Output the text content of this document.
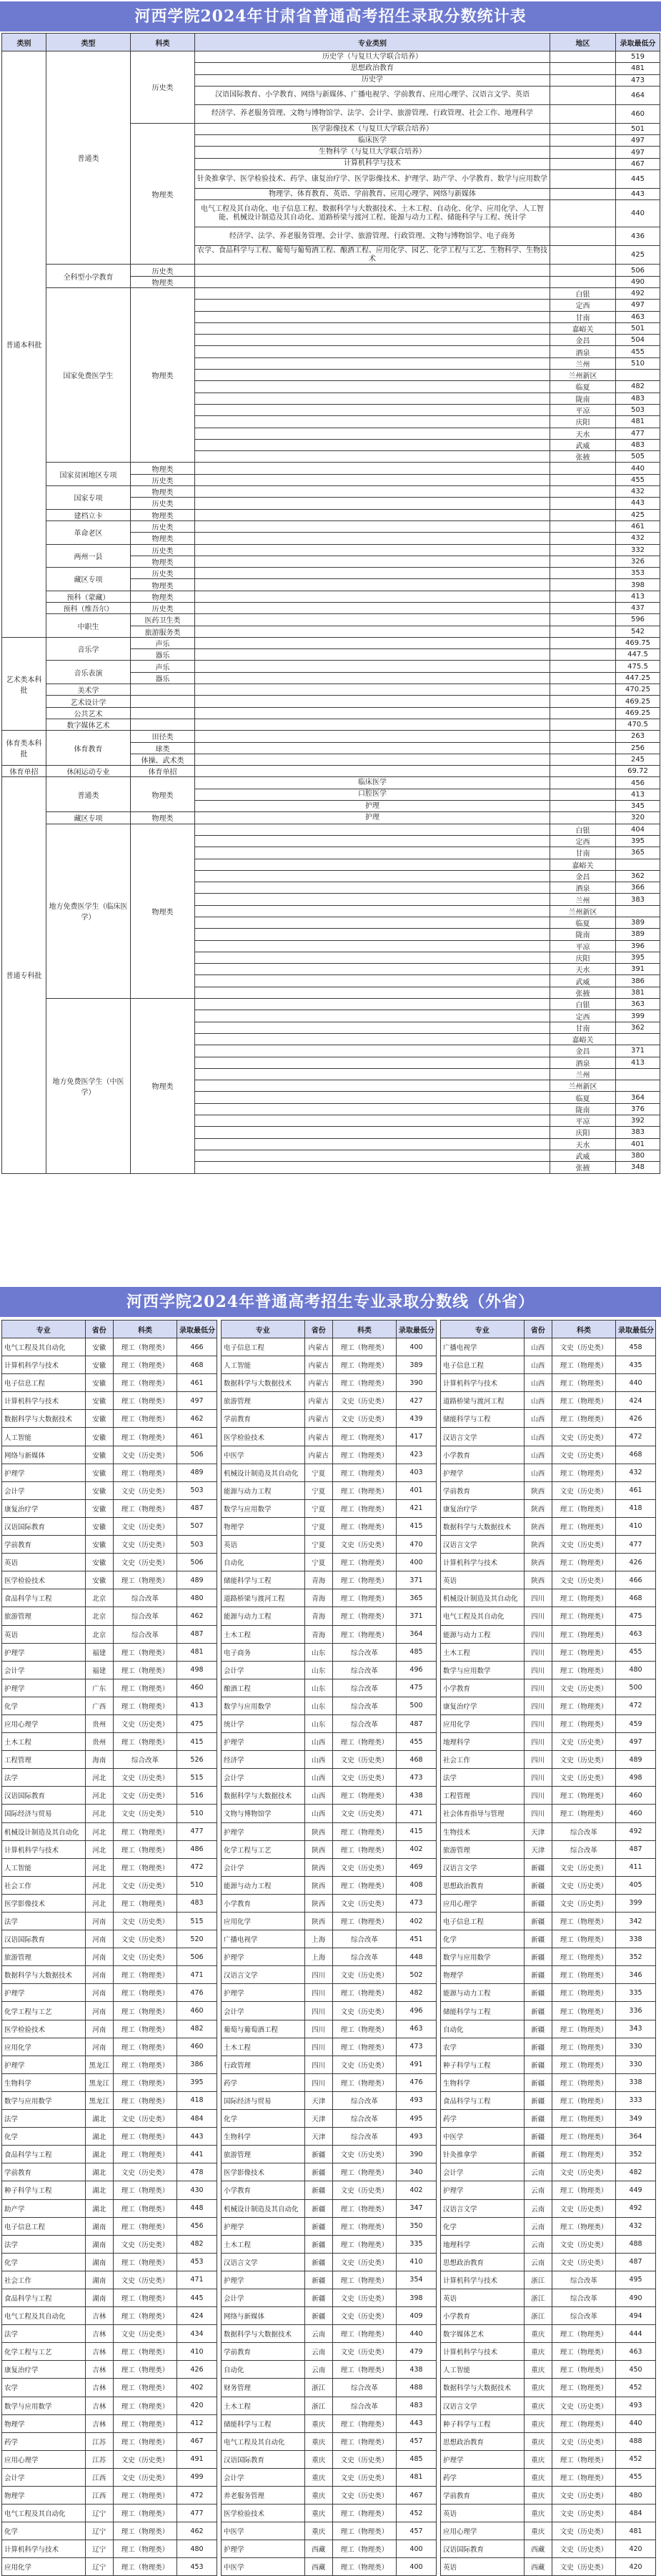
河西学院2024年甘肃省普通高考招生录取分数统计表
类别	类型	科类	专业类别	地区	录取最低分
普通本科批	普通类	历史类	历史学（与复旦大学联合培养）		519
			思想政治教育		481
			历史学		473
			汉语国际教育、小学教育、网络与新媒体、广播电视学、学前教育、应用心理学、汉语言文学、英语		464
			经济学、养老服务管理、文物与博物馆学、法学、会计学、旅游管理、行政管理、社会工作、地理科学		460
		物理类	医学影像技术（与复旦大学联合培养）		501
			临床医学		497
			生物科学（与复旦大学联合培养）		497
			计算机科学与技术		467
			针灸推拿学、医学检验技术、药学、康复治疗学、医学影像技术、护理学、助产学、小学教育、数学与应用数学		445
			物理学、体育教育、英语、学前教育、应用心理学、网络与新媒体		443
			电气工程及其自动化、电子信息工程、数据科学与大数据技术、土木工程、自动化、化学、应用化学、人工智能、机械设计制造及其自动化、道路桥梁与渡河工程、能源与动力工程、储能科学与工程、统计学		440
			经济学、法学、养老服务管理、会计学、旅游管理、行政管理、文物与博物馆学、电子商务		436
			农学、食品科学与工程、葡萄与葡萄酒工程、酿酒工程、应用化学、园艺、化学工程与工艺、生物科学、生物技术		425
	全科型小学教育	历史类			506
		物理类			490
	国家免费医学生	物理类		白银	492
				定西	497
				甘南	463
				嘉峪关	501
				金昌	504
				酒泉	455
				兰州	510
				兰州新区	
				临夏	482
				陇南	483
				平凉	503
				庆阳	481
				天水	477
				武威	483
				张掖	505
	国家贫困地区专项	物理类			440
		历史类			455
	国家专项	物理类			432
		历史类			443
	建档立卡	物理类			425
	革命老区	历史类			461
		物理类			432
	两州一县	历史类			332
		物理类			326
	藏区专项	历史类			353
		物理类			398
	预科（蒙藏）	物理类			413
	预科（维吾尔）	历史类			437
	中职生	医药卫生类			596
		旅游服务类			542
艺术类本科批	音乐学	声乐			469.75
		器乐			447.5
	音乐表演	声乐			475.5
		器乐			447.25
	美术学				470.25
	艺术设计学				469.25
	公共艺术				469.25
	数字媒体艺术				470.5
体育类本科批	体育教育	田径类			263
		球类			256
		体操、武术类			245
体育单招	休闲运动专业	体育单招			69.72
普通专科批	普通类	物理类	临床医学		456
			口腔医学		413
			护理		345
	藏区专项	物理类	护理		320
	地方免费医学生（临床医学）	物理类		白银	404
				定西	395
				甘南	365
				嘉峪关	
				金昌	362
				酒泉	366
				兰州	383
				兰州新区	
				临夏	389
				陇南	389
				平凉	396
				庆阳	395
				天水	391
				武威	386
				张掖	381
	地方免费医学生（中医学）	物理类		白银	363
				定西	399
				甘南	362
				嘉峪关	
				金昌	371
				酒泉	413
				兰州	
				兰州新区	
				临夏	364
				陇南	376
				平凉	392
				庆阳	383
				天水	401
				武威	380
				张掖	348
河西学院2024年普通高考招生专业录取分数线（外省）
专业	省份	科类	录取最低分
电气工程及其自动化	安徽	理工（物理类）	466
计算机科学与技术	安徽	理工（物理类）	468
电子信息工程	安徽	理工（物理类）	461
计算机科学与技术	安徽	理工（物理类）	497
数据科学与大数据技术	安徽	理工（物理类）	462
人工智能	安徽	理工（物理类）	461
网络与新媒体	安徽	文史（历史类）	506
护理学	安徽	理工（物理类）	489
会计学	安徽	文史（历史类）	503
康复治疗学	安徽	理工（物理类）	487
汉语国际教育	安徽	文史（历史类）	507
学前教育	安徽	文史（历史类）	503
英语	安徽	文史（历史类）	506
医学检验技术	安徽	理工（物理类）	489
食品科学与工程	北京	综合改革	480
旅游管理	北京	综合改革	462
英语	北京	综合改革	487
护理学	福建	理工（物理类）	481
会计学	福建	理工（物理类）	498
护理学	广东	理工（物理类）	460
化学	广西	理工（物理类）	413
应用心理学	贵州	文史（历史类）	475
土木工程	贵州	理工（物理类）	415
工程管理	海南	综合改革	526
法学	河北	文史（历史类）	515
汉语国际教育	河北	文史（历史类）	516
国际经济与贸易	河北	文史（历史类）	510
机械设计制造及其自动化	河北	理工（物理类）	477
计算机科学与技术	河北	理工（物理类）	486
人工智能	河北	理工（物理类）	472
社会工作	河北	文史（历史类）	510
医学影像技术	河北	理工（物理类）	483
法学	河南	文史（历史类）	515
汉语国际教育	河南	文史（历史类）	520
旅游管理	河南	文史（历史类）	506
数据科学与大数据技术	河南	理工（物理类）	471
护理学	河南	理工（物理类）	476
化学工程与工艺	河南	理工（物理类）	460
医学检验技术	河南	理工（物理类）	482
应用化学	河南	理工（物理类）	460
护理学	黑龙江	理工（物理类）	386
生物科学	黑龙江	理工（物理类）	395
数学与应用数学	黑龙江	理工（物理类）	418
法学	湖北	文史（历史类）	484
化学	湖北	理工（物理类）	443
食品科学与工程	湖北	理工（物理类）	441
学前教育	湖北	文史（历史类）	478
种子科学与工程	湖北	理工（物理类）	430
助产学	湖北	理工（物理类）	448
电子信息工程	湖南	理工（物理类）	456
法学	湖南	文史（历史类）	482
化学	湖南	理工（物理类）	453
社会工作	湖南	文史（历史类）	471
食品科学与工程	湖南	理工（物理类）	445
电气工程及其自动化	吉林	理工（物理类）	424
法学	吉林	文史（历史类）	434
化学工程与工艺	吉林	理工（物理类）	410
康复治疗学	吉林	理工（物理类）	426
农学	吉林	理工（物理类）	402
数学与应用数学	吉林	理工（物理类）	420
物理学	吉林	理工（物理类）	412
药学	江苏	理工（物理类）	467
应用心理学	江苏	文史（历史类）	491
会计学	江西	文史（历史类）	499
物理学	江西	理工（物理类）	472
电气工程及其自动化	辽宁	理工（物理类）	477
化学	辽宁	理工（物理类）	462
计算机科学与技术	辽宁	理工（物理类）	480
应用化学	辽宁	理工（物理类）	453
专业	省份	科类	录取最低分
电子信息工程	内蒙古	理工（物理类）	400
人工智能	内蒙古	理工（物理类）	389
数据科学与大数据技术	内蒙古	理工（物理类）	390
旅游管理	内蒙古	文史（历史类）	427
学前教育	内蒙古	文史（历史类）	439
医学检验技术	内蒙古	理工（物理类）	417
中医学	内蒙古	理工（物理类）	423
机械设计制造及其自动化	宁夏	理工（物理类）	403
能源与动力工程	宁夏	理工（物理类）	401
数学与应用数学	宁夏	理工（物理类）	421
物理学	宁夏	理工（物理类）	415
英语	宁夏	文史（历史类）	470
自动化	宁夏	理工（物理类）	400
储能科学与工程	青海	理工（物理类）	371
道路桥梁与渡河工程	青海	理工（物理类）	365
能源与动力工程	青海	理工（物理类）	371
土木工程	青海	理工（物理类）	364
电子商务	山东	综合改革	485
会计学	山东	综合改革	496
酿酒工程	山东	综合改革	475
数学与应用数学	山东	综合改革	500
统计学	山东	综合改革	487
护理学	山西	理工（物理类）	455
经济学	山西	文史（历史类）	468
会计学	山西	文史（历史类）	473
数据科学与大数据技术	山西	理工（物理类）	438
文物与博物馆学	山西	文史（历史类）	471
护理学	陕西	理工（物理类）	415
化学工程与工艺	陕西	理工（物理类）	402
会计学	陕西	文史（历史类）	469
能源与动力工程	陕西	理工（物理类）	408
小学教育	陕西	文史（历史类）	473
应用化学	陕西	理工（物理类）	402
广播电视学	上海	综合改革	451
护理学	上海	综合改革	448
汉语言文学	四川	文史（历史类）	502
护理学	四川	理工（物理类）	482
会计学	四川	文史（历史类）	496
葡萄与葡萄酒工程	四川	理工（物理类）	463
土木工程	四川	理工（物理类）	473
行政管理	四川	文史（历史类）	491
药学	四川	理工（物理类）	476
国际经济与贸易	天津	综合改革	493
化学	天津	综合改革	495
生物科学	天津	综合改革	493
旅游管理	新疆	文史（历史类）	390
医学影像技术	新疆	理工（物理类）	340
小学教育	新疆	文史（历史类）	402
机械设计制造及其自动化	新疆	理工（物理类）	347
护理学	新疆	理工（物理类）	350
土木工程	新疆	理工（物理类）	335
汉语言文学	新疆	文史（历史类）	410
护理学	新疆	理工（物理类）	354
会计学	新疆	文史（历史类）	398
网络与新媒体	新疆	文史（历史类）	409
数据科学与大数据技术	云南	理工（物理类）	440
学前教育	云南	文史（历史类）	479
自动化	云南	理工（物理类）	438
财务管理	浙江	综合改革	488
土木工程	浙江	综合改革	483
储能科学与工程	重庆	理工（物理类）	443
电气工程及其自动化	重庆	理工（物理类）	457
汉语国际教育	重庆	文史（历史类）	485
会计学	重庆	文史（历史类）	481
养老服务管理	重庆	文史（历史类）	467
医学检验技术	重庆	理工（物理类）	452
中医学	重庆	理工（物理类）	457
护理学	西藏	理工（物理类）	400
中医学	西藏	理工（物理类）	400
专业	省份	科类	录取最低分
广播电视学	山西	文史（历史类）	458
电子信息工程	山西	理工（物理类）	435
计算机科学与技术	山西	理工（物理类）	440
道路桥梁与渡河工程	山西	理工（物理类）	424
储能科学与工程	山西	理工（物理类）	426
汉语言文学	山西	文史（历史类）	472
小学教育	山西	文史（历史类）	468
护理学	山西	理工（物理类）	432
学前教育	陕西	文史（历史类）	461
康复治疗学	陕西	理工（物理类）	418
数据科学与大数据技术	陕西	理工（物理类）	410
汉语言文学	陕西	文史（历史类）	477
计算机科学与技术	陕西	理工（物理类）	426
英语	陕西	文史（历史类）	466
机械设计制造及其自动化	四川	理工（物理类）	468
电气工程及其自动化	四川	理工（物理类）	475
能源与动力工程	四川	理工（物理类）	463
土木工程	四川	理工（物理类）	455
数学与应用数学	四川	理工（物理类）	480
小学教育	四川	文史（历史类）	500
康复治疗学	四川	理工（物理类）	472
应用化学	四川	理工（物理类）	459
地理科学	四川	文史（历史类）	497
社会工作	四川	文史（历史类）	489
法学	四川	文史（历史类）	498
工程管理	四川	理工（物理类）	460
社会体育指导与管理	四川	理工（物理类）	460
生物技术	天津	综合改革	492
旅游管理	天津	综合改革	487
汉语言文学	新疆	文史（历史类）	411
思想政治教育	新疆	文史（历史类）	405
应用心理学	新疆	文史（历史类）	399
电子信息工程	新疆	理工（物理类）	342
化学	新疆	理工（物理类）	338
数学与应用数学	新疆	理工（物理类）	352
物理学	新疆	理工（物理类）	346
能源与动力工程	新疆	理工（物理类）	335
储能科学与工程	新疆	理工（物理类）	336
自动化	新疆	理工（物理类）	343
农学	新疆	理工（物理类）	330
种子科学与工程	新疆	理工（物理类）	330
生物科学	新疆	理工（物理类）	338
食品科学与工程	新疆	理工（物理类）	333
药学	新疆	理工（物理类）	349
中医学	新疆	理工（物理类）	364
针灸推拿学	新疆	理工（物理类）	352
会计学	云南	文史（历史类）	482
护理学	云南	理工（物理类）	449
汉语言文学	云南	文史（历史类）	492
化学	云南	理工（物理类）	432
地理科学	云南	文史（历史类）	488
思想政治教育	云南	文史（历史类）	487
计算机科学与技术	浙江	综合改革	495
英语	浙江	综合改革	490
小学教育	浙江	综合改革	494
数字媒体艺术	重庆	理工（物理类）	444
计算机科学与技术	重庆	理工（物理类）	463
人工智能	重庆	理工（物理类）	450
数据科学与大数据技术	重庆	理工（物理类）	452
汉语言文学	重庆	文史（历史类）	493
种子科学与工程	重庆	理工（物理类）	440
思想政治教育	重庆	文史（历史类）	488
护理学	重庆	理工（物理类）	452
药学	重庆	理工（物理类）	455
学前教育	重庆	文史（历史类）	480
英语	重庆	文史（历史类）	484
应用心理学	重庆	文史（历史类）	481
汉语国际教育	西藏	文史（历史类）	420
英语	西藏	文史（历史类）	420
